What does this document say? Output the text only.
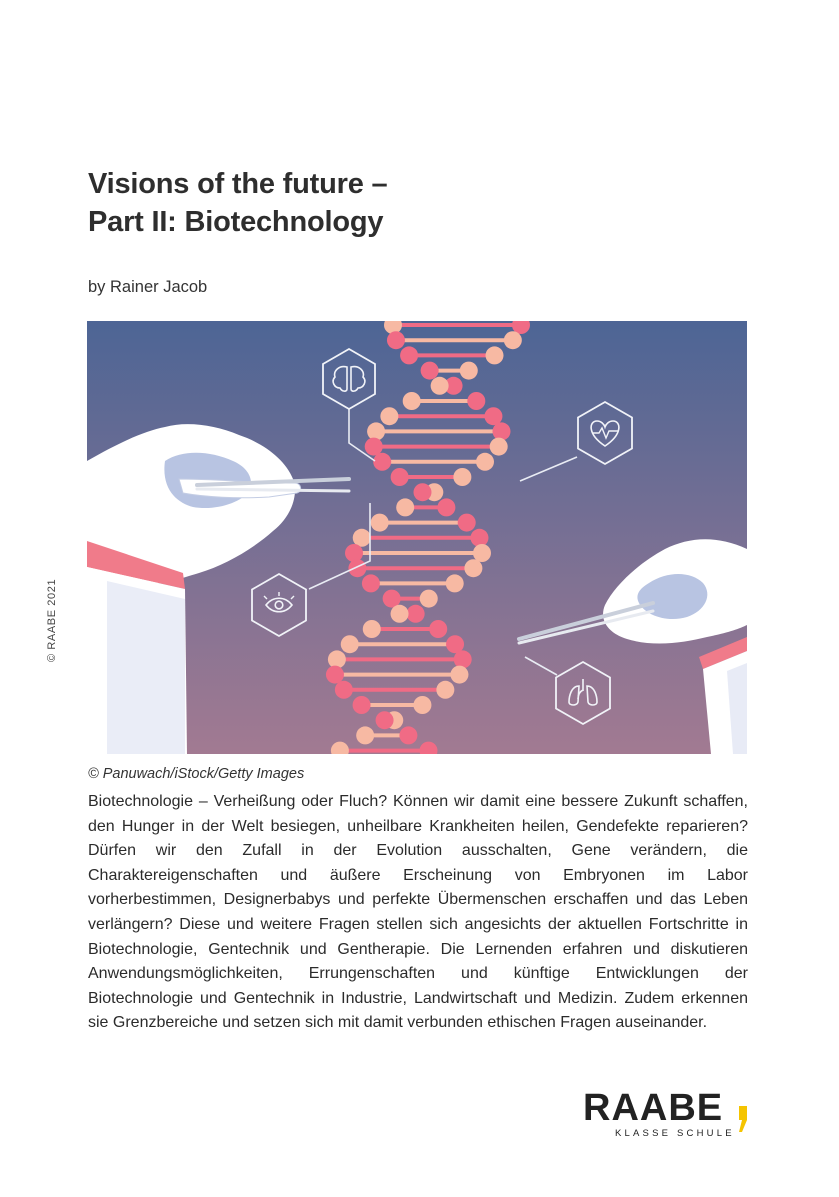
Visions of the future –
Part II: Biotechnology
by Rainer Jacob
© RAABE 2021
© Panuwach/iStock/Getty Images

Biotechnologie – Verheißung oder Fluch? Können wir damit eine bessere Zukunft schaffen, den Hunger in der Welt besiegen, unheilbare Krankheiten heilen, Gendefekte reparieren? Dürfen wir den Zufall in der Evolution ausschalten, Gene verändern, die Charaktereigenschaften und äußere Erscheinung von Embryonen im Labor vorherbestimmen, Designerbabys und perfekte Übermenschen erschaffen und das Leben verlängern? Diese und weitere Fragen stellen sich angesichts der aktuellen Fortschritte in Biotechnologie, Gentechnik und Gentherapie. Die Lernenden erfahren und diskutieren Anwendungsmöglichkeiten, Errungenschaften und künftige Entwicklungen der Biotechnologie und Gentechnik in Industrie, Landwirtschaft und Medizin. Zudem erkennen sie Grenzbereiche und setzen sich mit damit verbunden ethischen Fragen auseinander.

RAABE
KLASSE SCHULE
